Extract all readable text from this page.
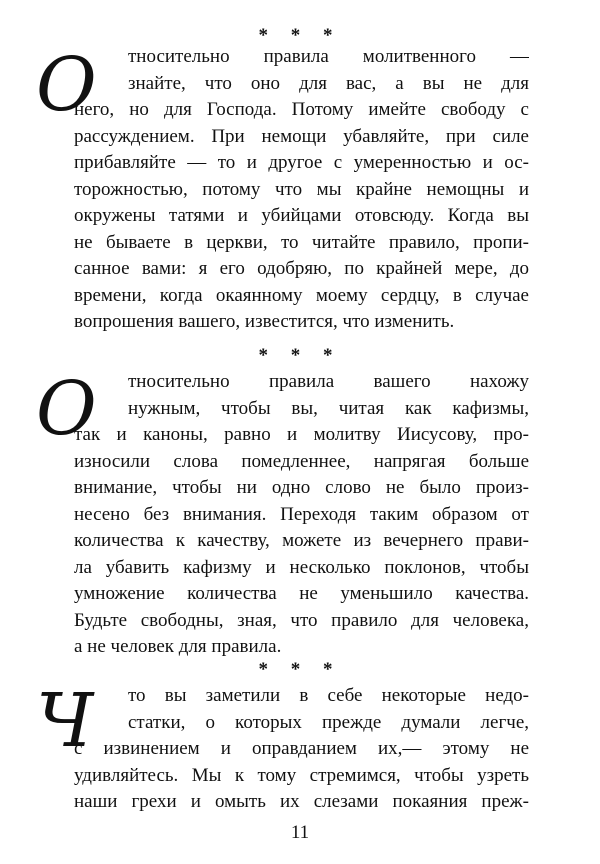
* * *
О	тносительно правила молитвенного —
знайте, что оно для вас, а вы не для
него, но для Господа. Потому имейте свободу с
рассуждением. При немощи убавляйте, при силе
прибавляйте — то и другое с умеренностью и ос-
торожностью, потому что мы крайне немощны и
окружены татями и убийцами отовсюду. Когда вы
не бываете в церкви, то читайте правило, пропи-
санное вами: я его одобряю, по крайней мере, до
времени, когда окаянному моему сердцу, в случае
вопрошения вашего, известится, что изменить.
* * *
О	тносительно правила вашего нахожу
нужным, чтобы вы, читая как кафизмы,
так и каноны, равно и молитву Иисусову, про-
износили слова помедленнее, напрягая больше
внимание, чтобы ни одно слово не было произ-
несено без внимания. Переходя таким образом от
количества к качеству, можете из вечернего прави-
ла убавить кафизму и несколько поклонов, чтобы
умножение количества не уменьшило качества.
Будьте свободны, зная, что правило для человека,
а не человек для правила.
* * *
Ч	то вы заметили в себе некоторые недо-
статки, о которых прежде думали легче,
с извинением и оправданием их,— этому не
удивляйтесь. Мы к тому стремимся, чтобы узреть
наши грехи и омыть их слезами покаяния преж-
11
